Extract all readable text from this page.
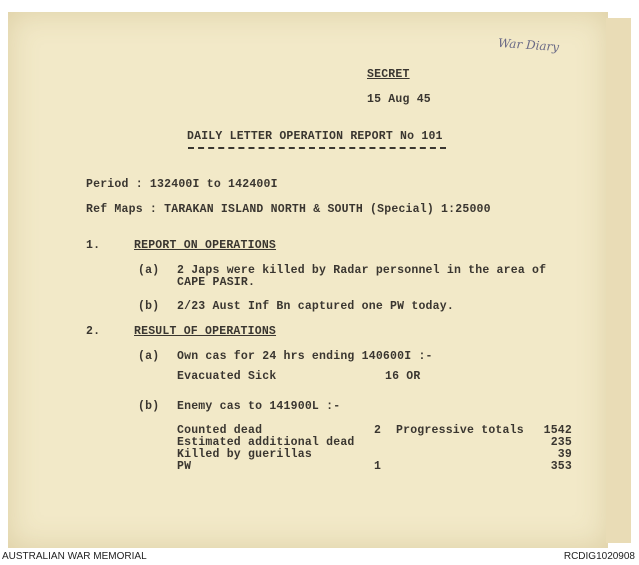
War Diary
SECRET
15 Aug 45
DAILY LETTER OPERATION REPORT No 101
Period : 132400I to 142400I
Ref Maps : TARAKAN ISLAND NORTH & SOUTH (Special) 1:25000
1.	REPORT ON OPERATIONS
(a) 2 Japs were killed by Radar personnel in the area of
CAPE PASIR.
(b) 2/23 Aust Inf Bn captured one PW today.
2.	RESULT OF OPERATIONS
(a) Own cas for 24 hrs ending 140600I :-
Evacuated Sick	16 OR
(b) Enemy cas to 141900L :-
Counted dead	2 Progressive totals	1542
Estimated additional dead	235
Killed by guerillas	39
PW	1	353
AUSTRALIAN WAR MEMORIAL	RCDIG1020908
